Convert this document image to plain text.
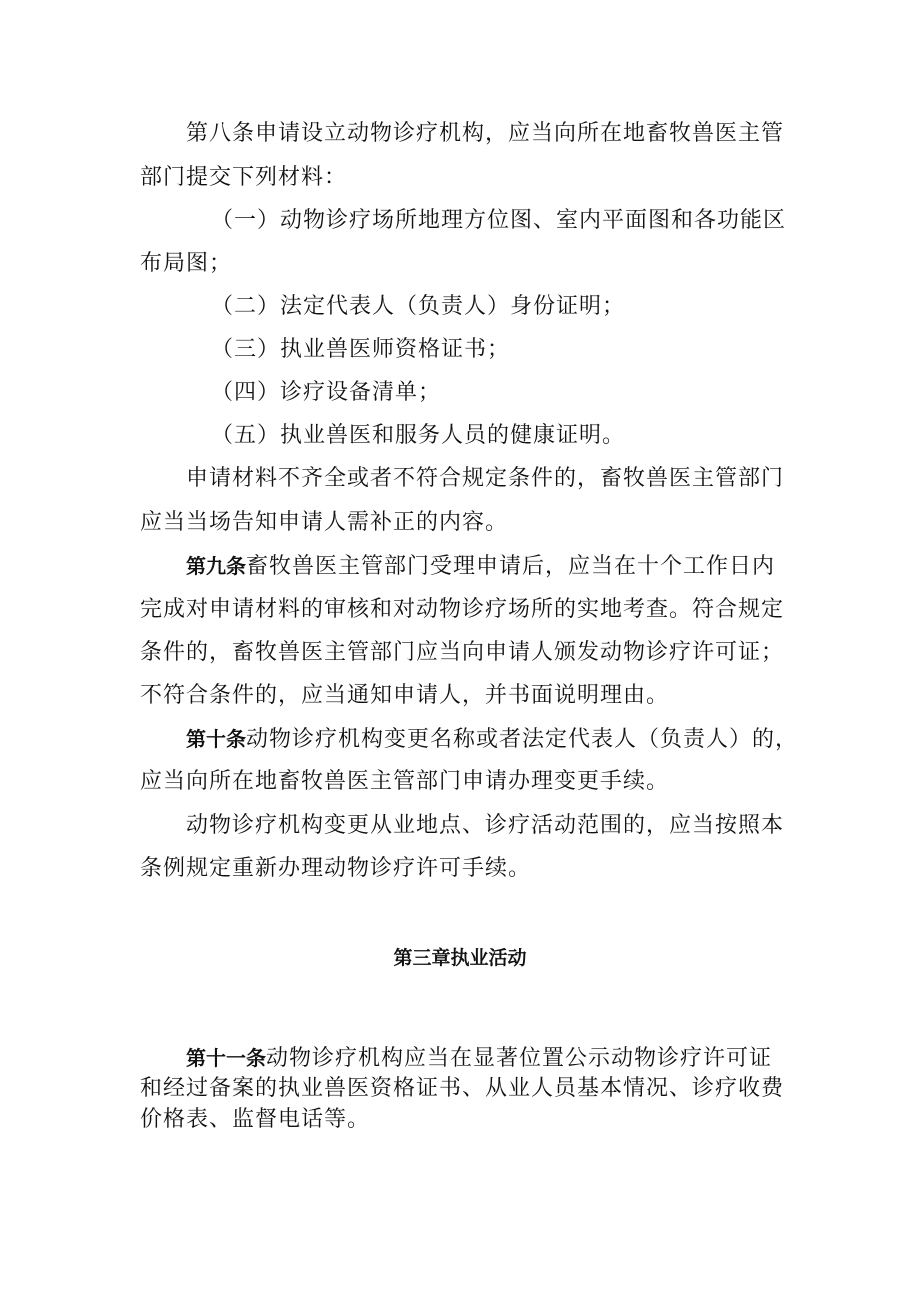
第八条申请设立动物诊疗机构，应当向所在地畜牧兽医主管
部门提交下列材料：
（一）动物诊疗场所地理方位图、室内平面图和各功能区
布局图；
（二）法定代表人（负责人）身份证明；
（三）执业兽医师资格证书；
（四）诊疗设备清单；
（五）执业兽医和服务人员的健康证明。
申请材料不齐全或者不符合规定条件的，畜牧兽医主管部门
应当当场告知申请人需补正的内容。
第九条畜牧兽医主管部门受理申请后，应当在十个工作日内
完成对申请材料的审核和对动物诊疗场所的实地考查。符合规定
条件的，畜牧兽医主管部门应当向申请人颁发动物诊疗许可证；
不符合条件的，应当通知申请人，并书面说明理由。
第十条动物诊疗机构变更名称或者法定代表人（负责人）的，
应当向所在地畜牧兽医主管部门申请办理变更手续。
动物诊疗机构变更从业地点、诊疗活动范围的，应当按照本
条例规定重新办理动物诊疗许可手续。
第三章执业活动
第十一条动物诊疗机构应当在显著位置公示动物诊疗许可证
和经过备案的执业兽医资格证书、从业人员基本情况、诊疗收费
价格表、监督电话等。
